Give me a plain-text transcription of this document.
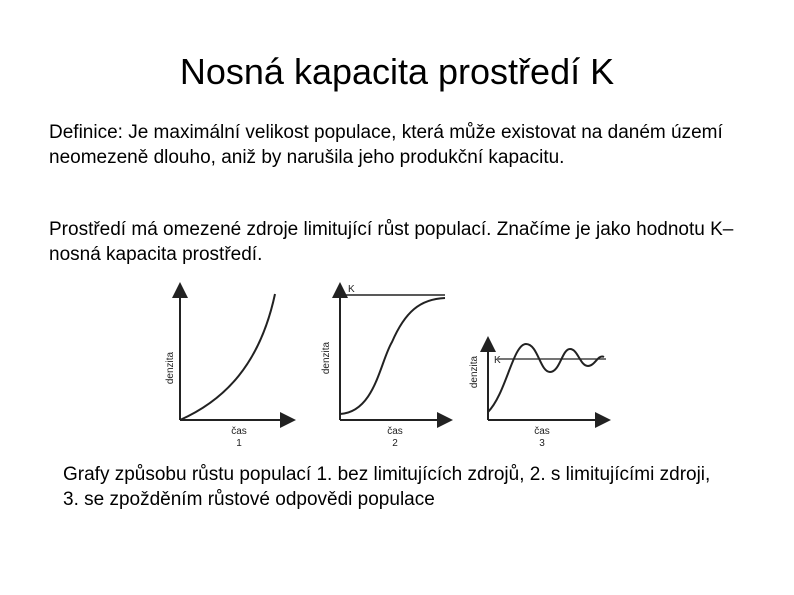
Nosná kapacita prostředí K

Definice: Je maximální velikost populace, která může existovat na daném území neomezeně dlouho, aniž by narušila jeho produkční kapacitu.

Prostředí má omezené zdroje limitující růst populací. Značíme je jako hodnotu K– nosná kapacita prostředí.

denzita
čas
1
K
denzita
čas
2
K
denzita
čas
3

Grafy způsobu růstu populací 1. bez limitujících zdrojů, 2. s limitujícími zdroji, 3. se zpožděním růstové odpovědi populace
